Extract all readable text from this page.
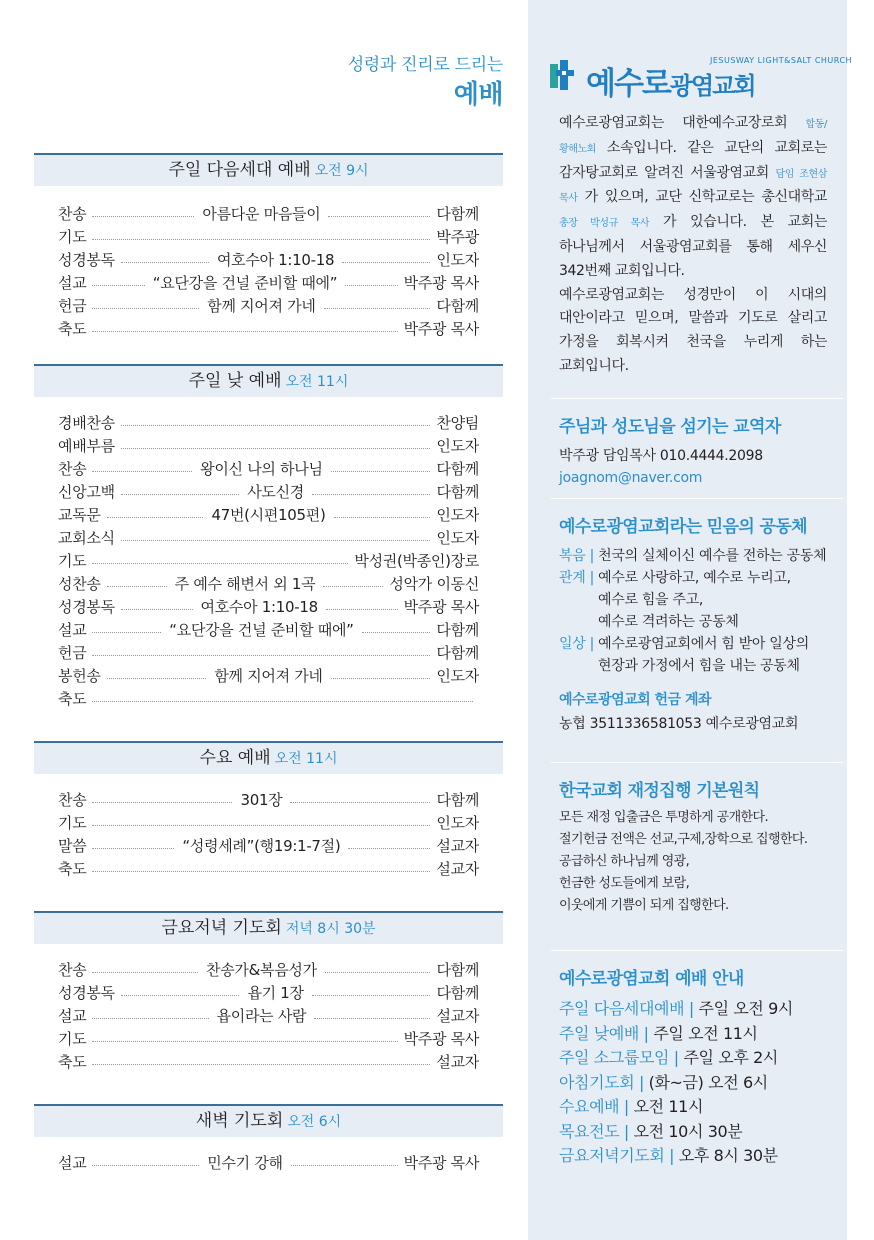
성령과 진리로 드리는
예배
주일 다음세대 예배 오전 9시
찬송	아름다운 마음들이	다함께
기도	박주광
성경봉독	여호수아 1:10-18	인도자
설교	“요단강을 건널 준비할 때에”	박주광 목사
헌금	함께 지어져 가네	다함께
축도	박주광 목사
주일 낮 예배 오전 11시
경배찬송	찬양팀
예배부름	인도자
찬송	왕이신 나의 하나님	다함께
신앙고백	사도신경	다함께
교독문	47번(시편105편)	인도자
교회소식	인도자
기도	박성권(박종인)장로
성찬송	주 예수 해변서 외 1곡	성악가 이동신
성경봉독	여호수아 1:10-18	박주광 목사
설교	“요단강을 건널 준비할 때에”	다함께
헌금	다함께
봉헌송	함께 지어져 가네	인도자
축도
수요 예배 오전 11시
찬송	301장	다함께
기도	인도자
말씀	“성령세례”(행19:1-7절)	설교자
축도	설교자
금요저녁 기도회 저녁 8시 30분
찬송	찬송가&복음성가	다함께
성경봉독	욥기 1장	다함께
설교	욥이라는 사람	설교자
기도	박주광 목사
축도	설교자
새벽 기도회 오전 6시
설교	민수기 강해	박주광 목사
JESUSWAY LIGHT&SALT CHURCH
예수로광염교회

예수로광염교회는 대한예수교장로회 합동/황해노회 소속입니다. 같은 교단의 교회로는 감자탕교회로 알려진 서울광염교회 담임 조현삼 목사 가 있으며, 교단 신학교로는 총신대학교 총장 박성규 목사 가 있습니다. 본 교회는 하나님께서 서울광염교회를 통해 세우신 342번째 교회입니다.

예수로광염교회는 성경만이 이 시대의 대안이라고 믿으며, 말씀과 기도로 살리고 가정을 회복시켜 천국을 누리게 하는 교회입니다.

주님과 성도님을 섬기는 교역자
박주광 담임목사 010.4444.2098
joagnom@naver.com
예수로광염교회라는 믿음의 공동체
복음 | 천국의 실체이신 예수를 전하는 공동체
관계 | 예수로 사랑하고, 예수로 누리고,
예수로 힘을 주고,
예수로 격려하는 공동체
일상 | 예수로광염교회에서 힘 받아 일상의
현장과 가정에서 힘을 내는 공동체
예수로광염교회 헌금 계좌
농협 3511336581053 예수로광염교회
한국교회 재정집행 기본원칙
모든 재정 입출금은 투명하게 공개한다.
절기헌금 전액은 선교,구제,장학으로 집행한다.
공급하신 하나님께 영광,
헌금한 성도들에게 보람,
이웃에게 기쁨이 되게 집행한다.
예수로광염교회 예배 안내
주일 다음세대예배 | 주일 오전 9시
주일 낮예배 | 주일 오전 11시
주일 소그룹모임 | 주일 오후 2시
아침기도회 | (화~금) 오전 6시
수요예배 | 오전 11시
목요전도 | 오전 10시 30분
금요저녁기도회 | 오후 8시 30분
